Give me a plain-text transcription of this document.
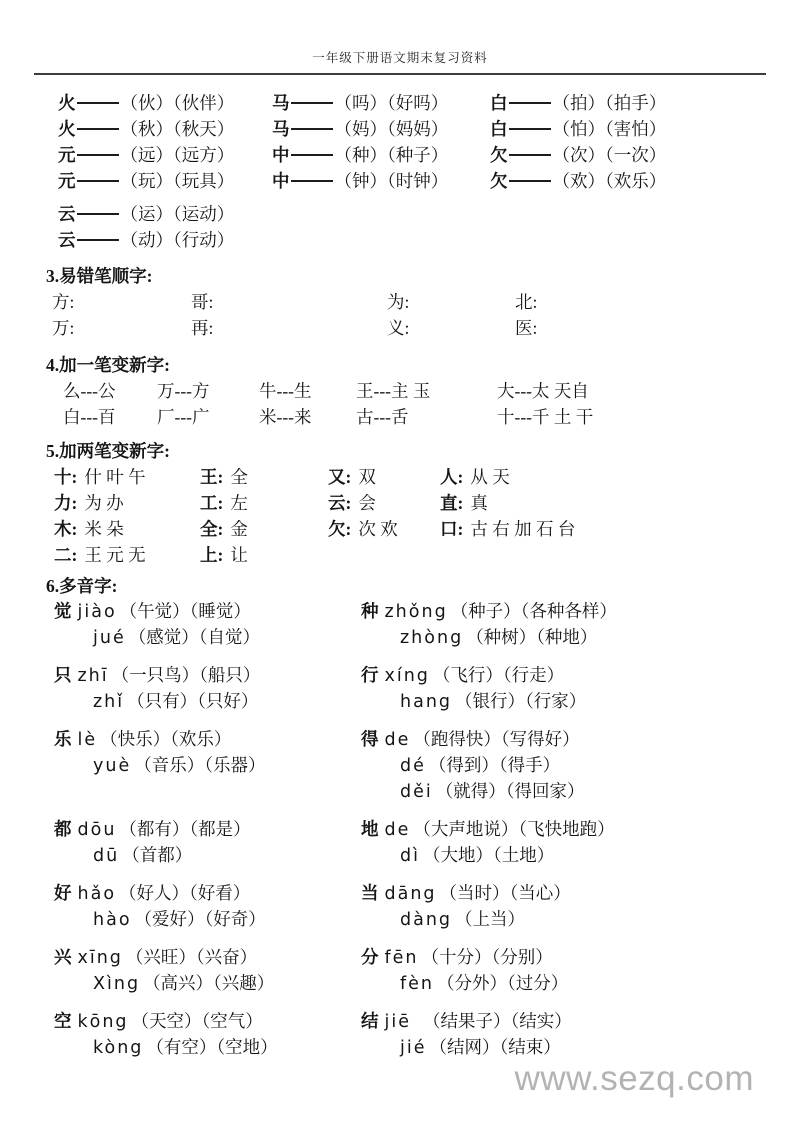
一年级下册语文期末复习资料
火	（伙）（伙伴）	马	（吗）（好吗）	白	（拍）（拍手）
火	（秋）（秋天）	马	（妈）（妈妈）	白	（怕）（害怕）
元	（远）（远方）	中	（种）（种子）	欠	（次）（一次）
元	（玩）（玩具）	中	（钟）（时钟）	欠	（欢）（欢乐）
云	（运）（运动）
云	（动）（行动）
3.易错笔顺字:
方:	哥:	为:	北:
万:	再:	义:	医:
4.加一笔变新字:
么---公	万---方	牛---生	王---主 玉	大---太 天自
白---百	厂---广	米---来	古---舌	十---千 土 干
5.加两笔变新字:
十: 什 叶 午	王: 全	又: 双	人: 从 天
力: 为 办	工: 左	云: 会	直: 真
木: 米 朵	全: 金	欠: 次 欢	口: 古 右 加 石 台
二: 王 元 无	上: 让
6.多音字:
觉 jiào （午觉）（睡觉）
jué （感觉）（自觉）
种 zhǒng （种子）（各种各样）
zhòng （种树）（种地）
只 zhī （一只鸟）（船只）
zhǐ （只有）（只好）
行 xíng （飞行）（行走）
hang （银行）（行家）
乐 lè （快乐）（欢乐）
yuè （音乐）（乐器）
得 de （跑得快）（写得好）
dé （得到）（得手）
děi （就得）（得回家）
都 dōu （都有）（都是）
dū （首都）
地 de （大声地说）（飞快地跑）
dì （大地）（土地）
好 hǎo （好人）（好看）
hào （爱好）（好奇）
当 dāng （当时）（当心）
dàng （上当）
兴 xīng （兴旺）（兴奋）
Xìng （高兴）（兴趣）
分 fēn （十分）（分别）
fèn （分外）（过分）
空 kōng （天空）（空气）
kòng （有空）（空地）
结 jiē （结果子）（结实）
jié （结网）（结束）
www.sezq.com
